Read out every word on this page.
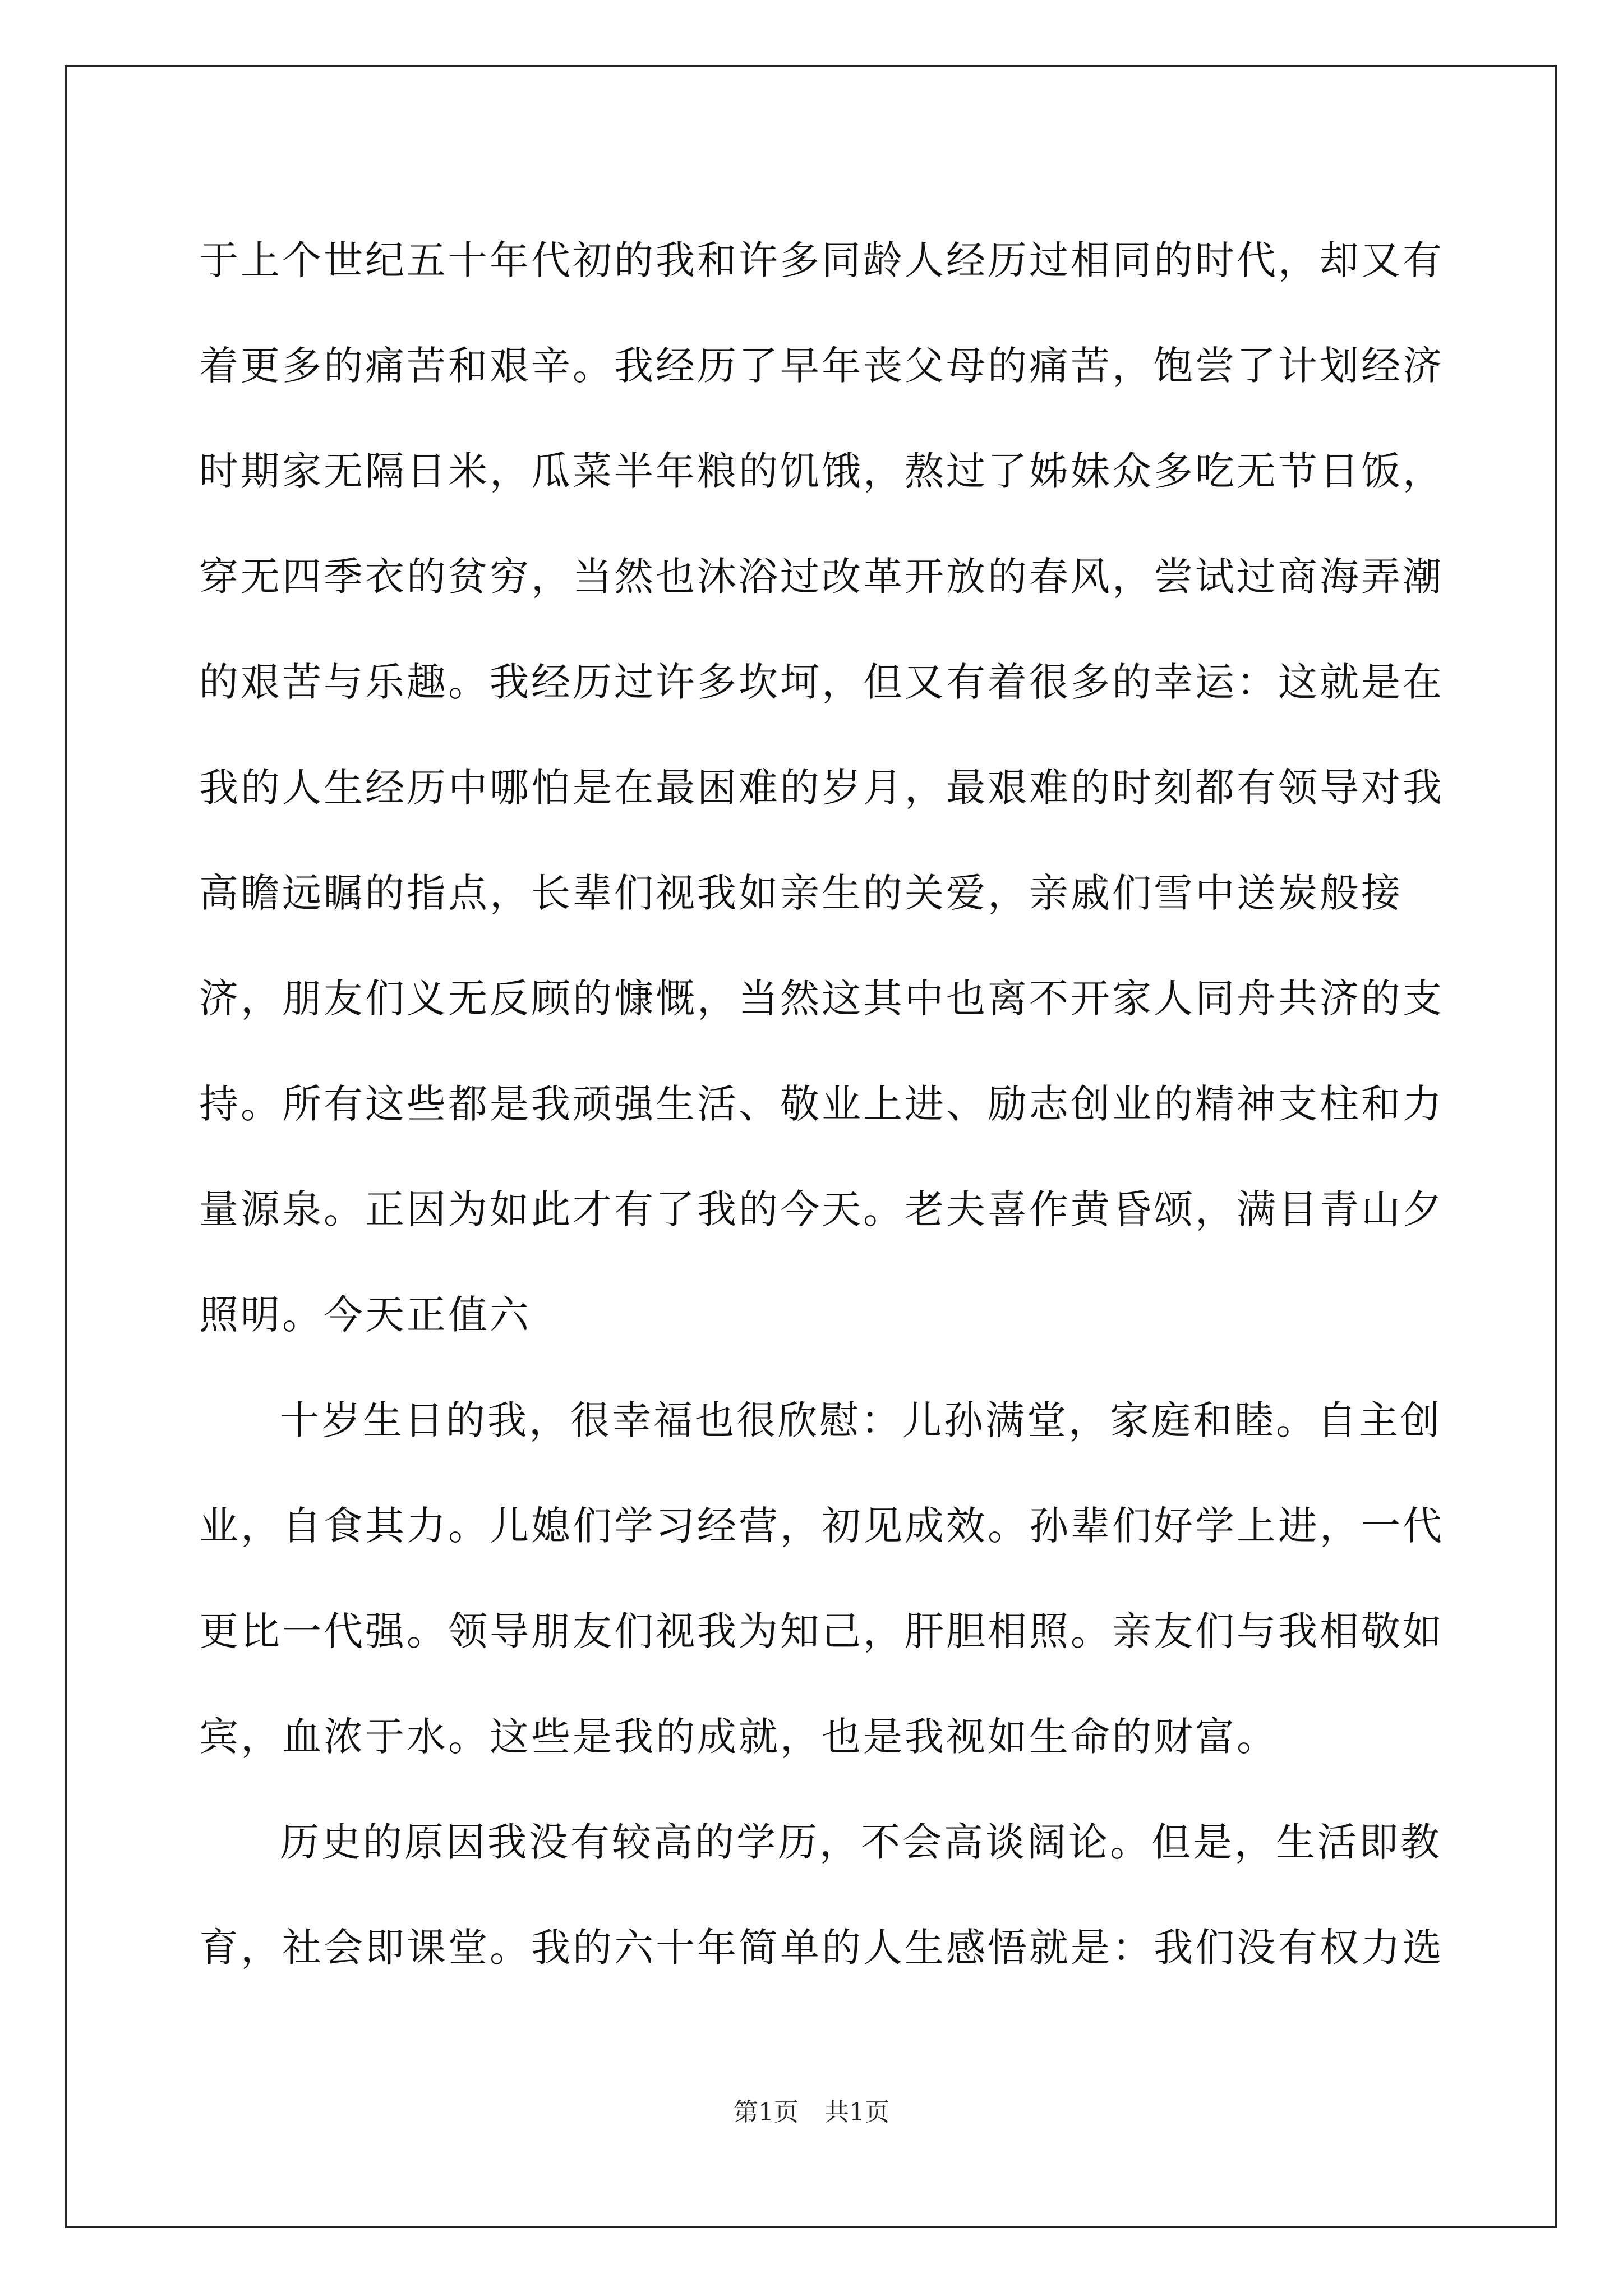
于上个世纪五十年代初的我和许多同龄人经历过相同的时代，却又有着更多的痛苦和艰辛。我经历了早年丧父母的痛苦，饱尝了计划经济时期家无隔日米，瓜菜半年粮的饥饿，熬过了姊妹众多吃无节日饭，穿无四季衣的贫穷，当然也沐浴过改革开放的春风，尝试过商海弄潮的艰苦与乐趣。我经历过许多坎坷，但又有着很多的幸运：这就是在我的人生经历中哪怕是在最困难的岁月，最艰难的时刻都有领导对我高瞻远瞩的指点，长辈们视我如亲生的关爱，亲戚们雪中送炭般接济，朋友们义无反顾的慷慨，当然这其中也离不开家人同舟共济的支持。所有这些都是我顽强生活、敬业上进、励志创业的精神支柱和力量源泉。正因为如此才有了我的今天。老夫喜作黄昏颂，满目青山夕照明。今天正值六

十岁生日的我，很幸福也很欣慰：儿孙满堂，家庭和睦。自主创业，自食其力。儿媳们学习经营，初见成效。孙辈们好学上进，一代更比一代强。领导朋友们视我为知己，肝胆相照。亲友们与我相敬如宾，血浓于水。这些是我的成就，也是我视如生命的财富。

历史的原因我没有较高的学历，不会高谈阔论。但是，生活即教育，社会即课堂。我的六十年简单的人生感悟就是：我们没有权力选

第1页 共1页
